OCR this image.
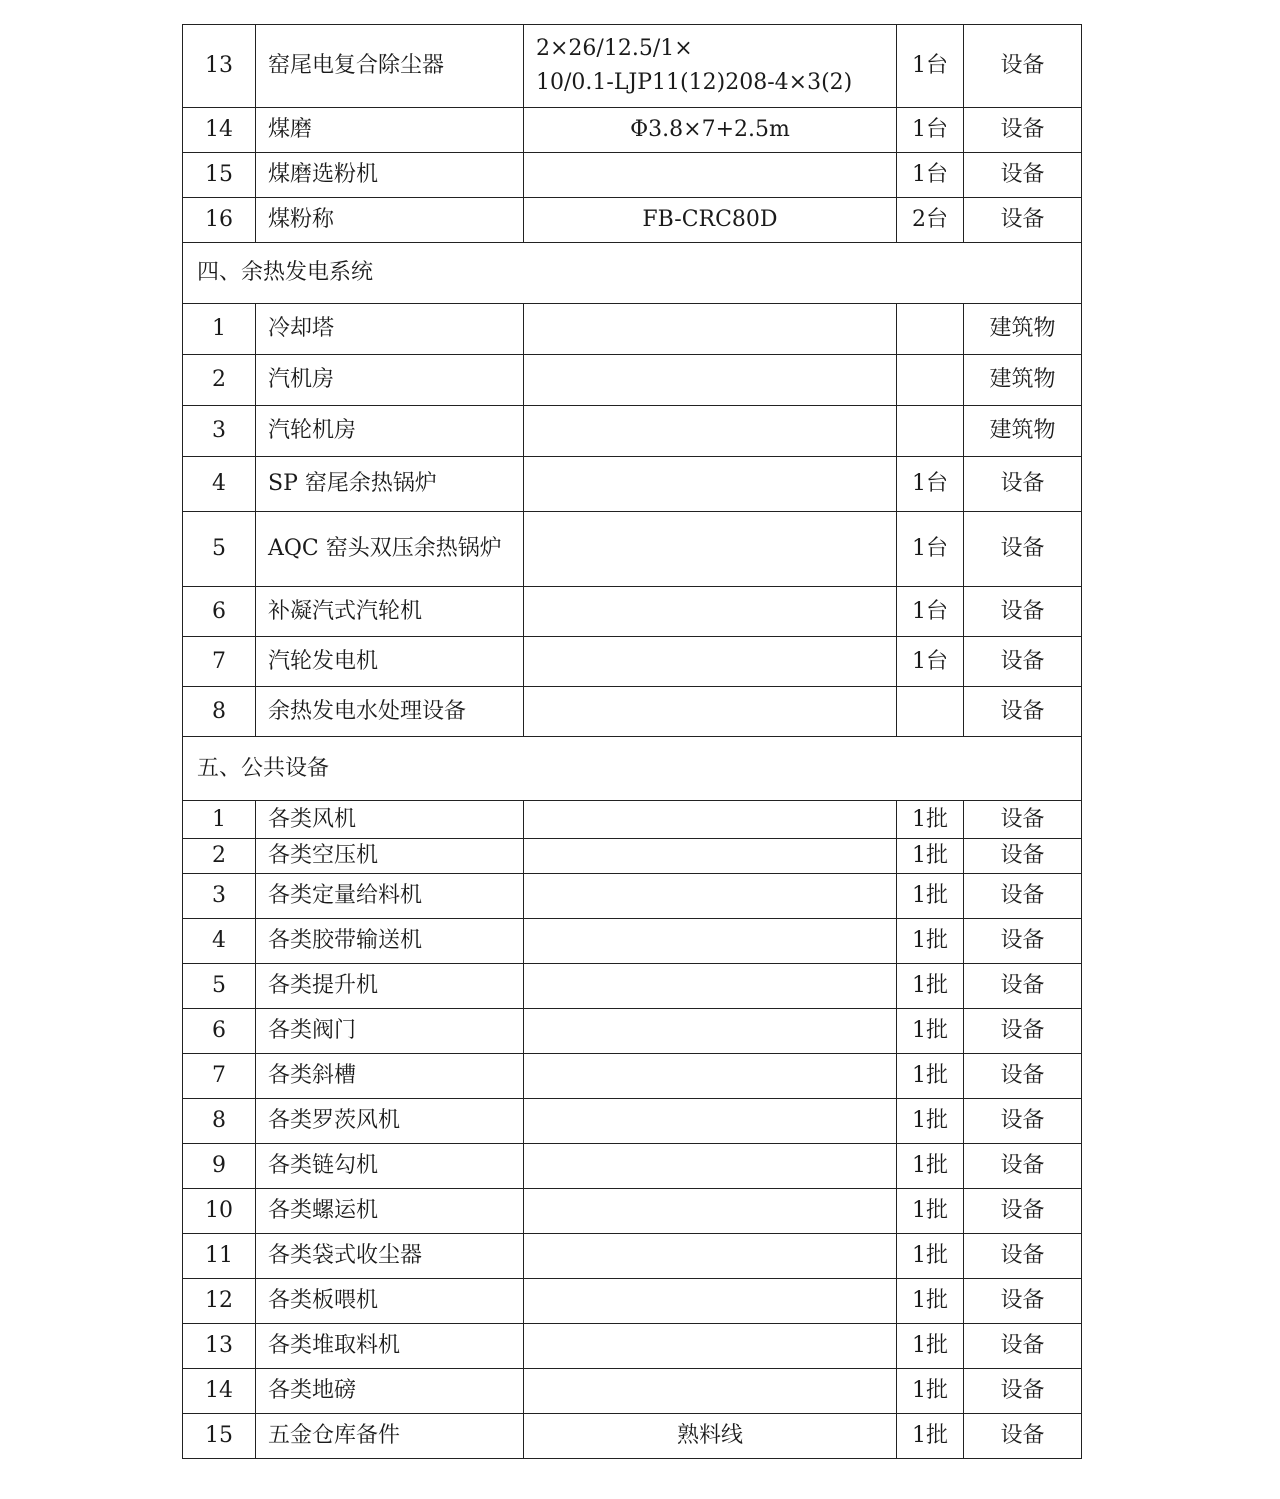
13	窑尾电复合除尘器	2×26/12.5/1×
10/0.1-LJP11(12)208-4×3(2)	1台	设备
14	煤磨	Φ3.8×7+2.5m	1台	设备
15	煤磨选粉机		1台	设备
16	煤粉称	FB-CRC80D	2台	设备
四、余热发电系统				
1	冷却塔			建筑物
2	汽机房			建筑物
3	汽轮机房			建筑物
4	SP 窑尾余热锅炉		1台	设备
5	AQC 窑头双压余热锅炉		1台	设备
6	补凝汽式汽轮机		1台	设备
7	汽轮发电机		1台	设备
8	余热发电水处理设备			设备
五、公共设备				
1	各类风机		1批	设备
2	各类空压机		1批	设备
3	各类定量给料机		1批	设备
4	各类胶带输送机		1批	设备
5	各类提升机		1批	设备
6	各类阀门		1批	设备
7	各类斜槽		1批	设备
8	各类罗茨风机		1批	设备
9	各类链勾机		1批	设备
10	各类螺运机		1批	设备
11	各类袋式收尘器		1批	设备
12	各类板喂机		1批	设备
13	各类堆取料机		1批	设备
14	各类地磅		1批	设备
15	五金仓库备件	熟料线	1批	设备
